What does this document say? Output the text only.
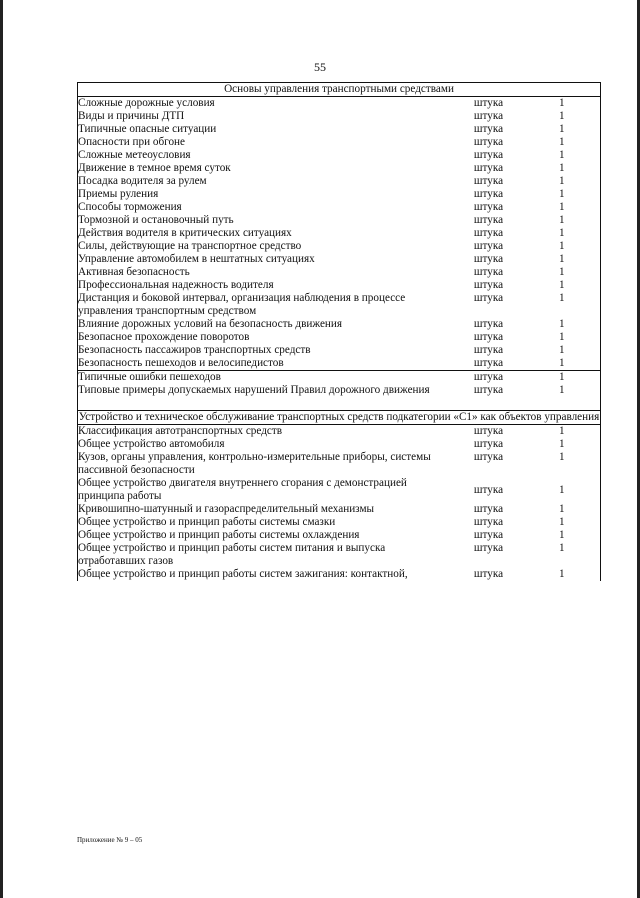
55
Основы управления транспортными средствами		
Сложные дорожные условия	штука	1
Виды и причины ДТП	штука	1
Типичные опасные ситуации	штука	1
Опасности при обгоне	штука	1
Сложные метеоусловия	штука	1
Движение в темное время суток	штука	1
Посадка водителя за рулем	штука	1
Приемы руления	штука	1
Способы торможения	штука	1
Тормозной и остановочный путь	штука	1
Действия водителя в критических ситуациях	штука	1
Силы, действующие на транспортное средство	штука	1
Управление автомобилем в нештатных ситуациях	штука	1
Активная безопасность	штука	1
Профессиональная надежность водителя	штука	1
Дистанция и боковой интервал, организация наблюдения в процессе управления транспортным средством	штука	1
Влияние дорожных условий на безопасность движения	штука	1
Безопасное прохождение поворотов	штука	1
Безопасность пассажиров транспортных средств	штука	1
Безопасность пешеходов и велосипедистов	штука	1
Типичные ошибки пешеходов	штука	1
Типовые примеры допускаемых нарушений Правил дорожного движения	штука	1
Устройство и техническое обслуживание транспортных средств подкатегории «С1» как объектов управления		
Классификация автотранспортных средств	штука	1
Общее устройство автомобиля	штука	1
Кузов, органы управления, контрольно-измерительные приборы, системы пассивной безопасности	штука	1
Общее устройство двигателя внутреннего сгорания с демонстрацией принципа работы	штука	1
Кривошипно-шатунный и газораспределительный механизмы	штука	1
Общее устройство и принцип работы системы смазки	штука	1
Общее устройство и принцип работы системы охлаждения	штука	1
Общее устройство и принцип работы систем питания и выпуска отработавших газов	штука	1
Общее устройство и принцип работы систем зажигания: контактной,	штука	1
Приложение № 9 – 05
